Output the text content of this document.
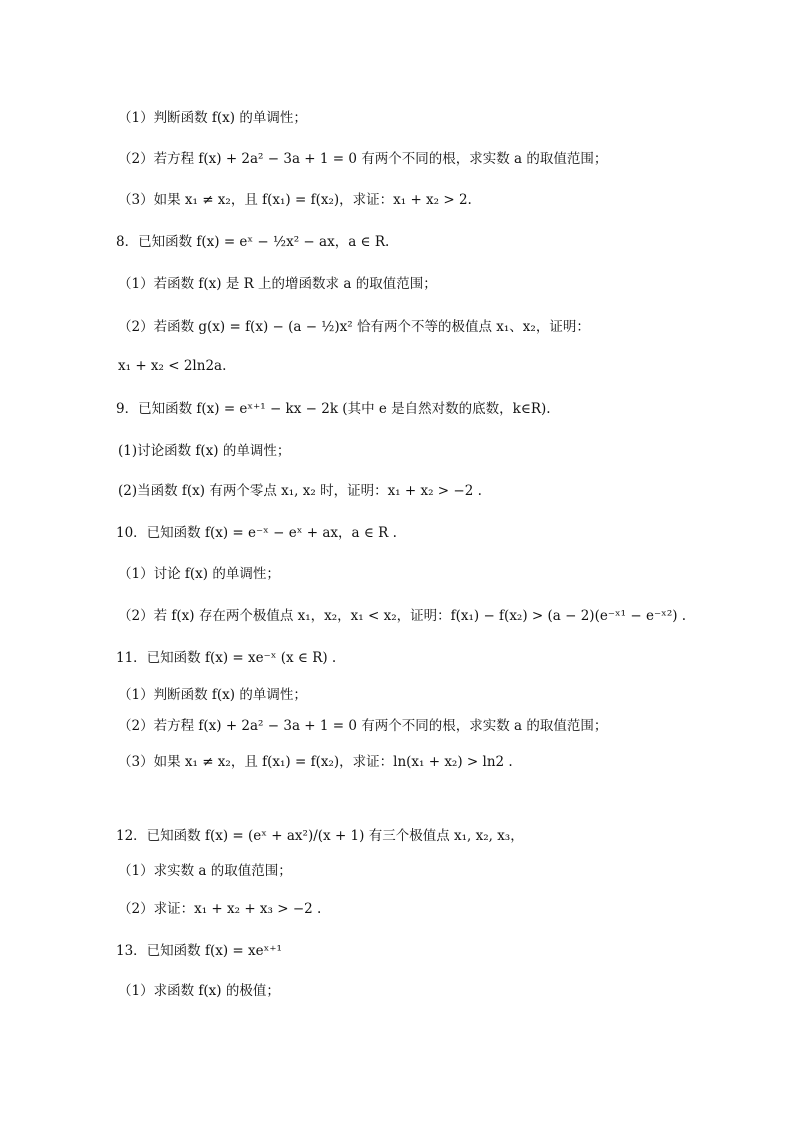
（1）判断函数 f(x) 的单调性；
（2）若方程 f(x) + 2a² − 3a + 1 = 0 有两个不同的根，求实数 a 的取值范围；
（3）如果 x₁ ≠ x₂，且 f(x₁) = f(x₂)，求证：x₁ + x₂ > 2.
8．已知函数 f(x) = eˣ − ½x² − ax，a ∈ R.
（1）若函数 f(x) 是 R 上的增函数求 a 的取值范围；
（2）若函数 g(x) = f(x) − (a − ½)x² 恰有两个不等的极值点 x₁、x₂，证明：
x₁ + x₂ < 2ln2a.
9．已知函数 f(x) = eˣ⁺¹ − kx − 2k (其中 e 是自然对数的底数，k∈R).
(1)讨论函数 f(x) 的单调性；
(2)当函数 f(x) 有两个零点 x₁, x₂ 时，证明：x₁ + x₂ > −2 .
10．已知函数 f(x) = e⁻ˣ − eˣ + ax，a ∈ R .
（1）讨论 f(x) 的单调性；
（2）若 f(x) 存在两个极值点 x₁，x₂，x₁ < x₂，证明：f(x₁) − f(x₂) > (a − 2)(e⁻ˣ¹ − e⁻ˣ²) .
11．已知函数 f(x) = xe⁻ˣ (x ∈ R) .
（1）判断函数 f(x) 的单调性；
（2）若方程 f(x) + 2a² − 3a + 1 = 0 有两个不同的根，求实数 a 的取值范围；
（3）如果 x₁ ≠ x₂，且 f(x₁) = f(x₂)，求证：ln(x₁ + x₂) > ln2 .
12．已知函数 f(x) = (eˣ + ax²)/(x + 1) 有三个极值点 x₁, x₂, x₃，
（1）求实数 a 的取值范围；
（2）求证：x₁ + x₂ + x₃ > −2 .
13．已知函数 f(x) = xeˣ⁺¹
（1）求函数 f(x) 的极值；
